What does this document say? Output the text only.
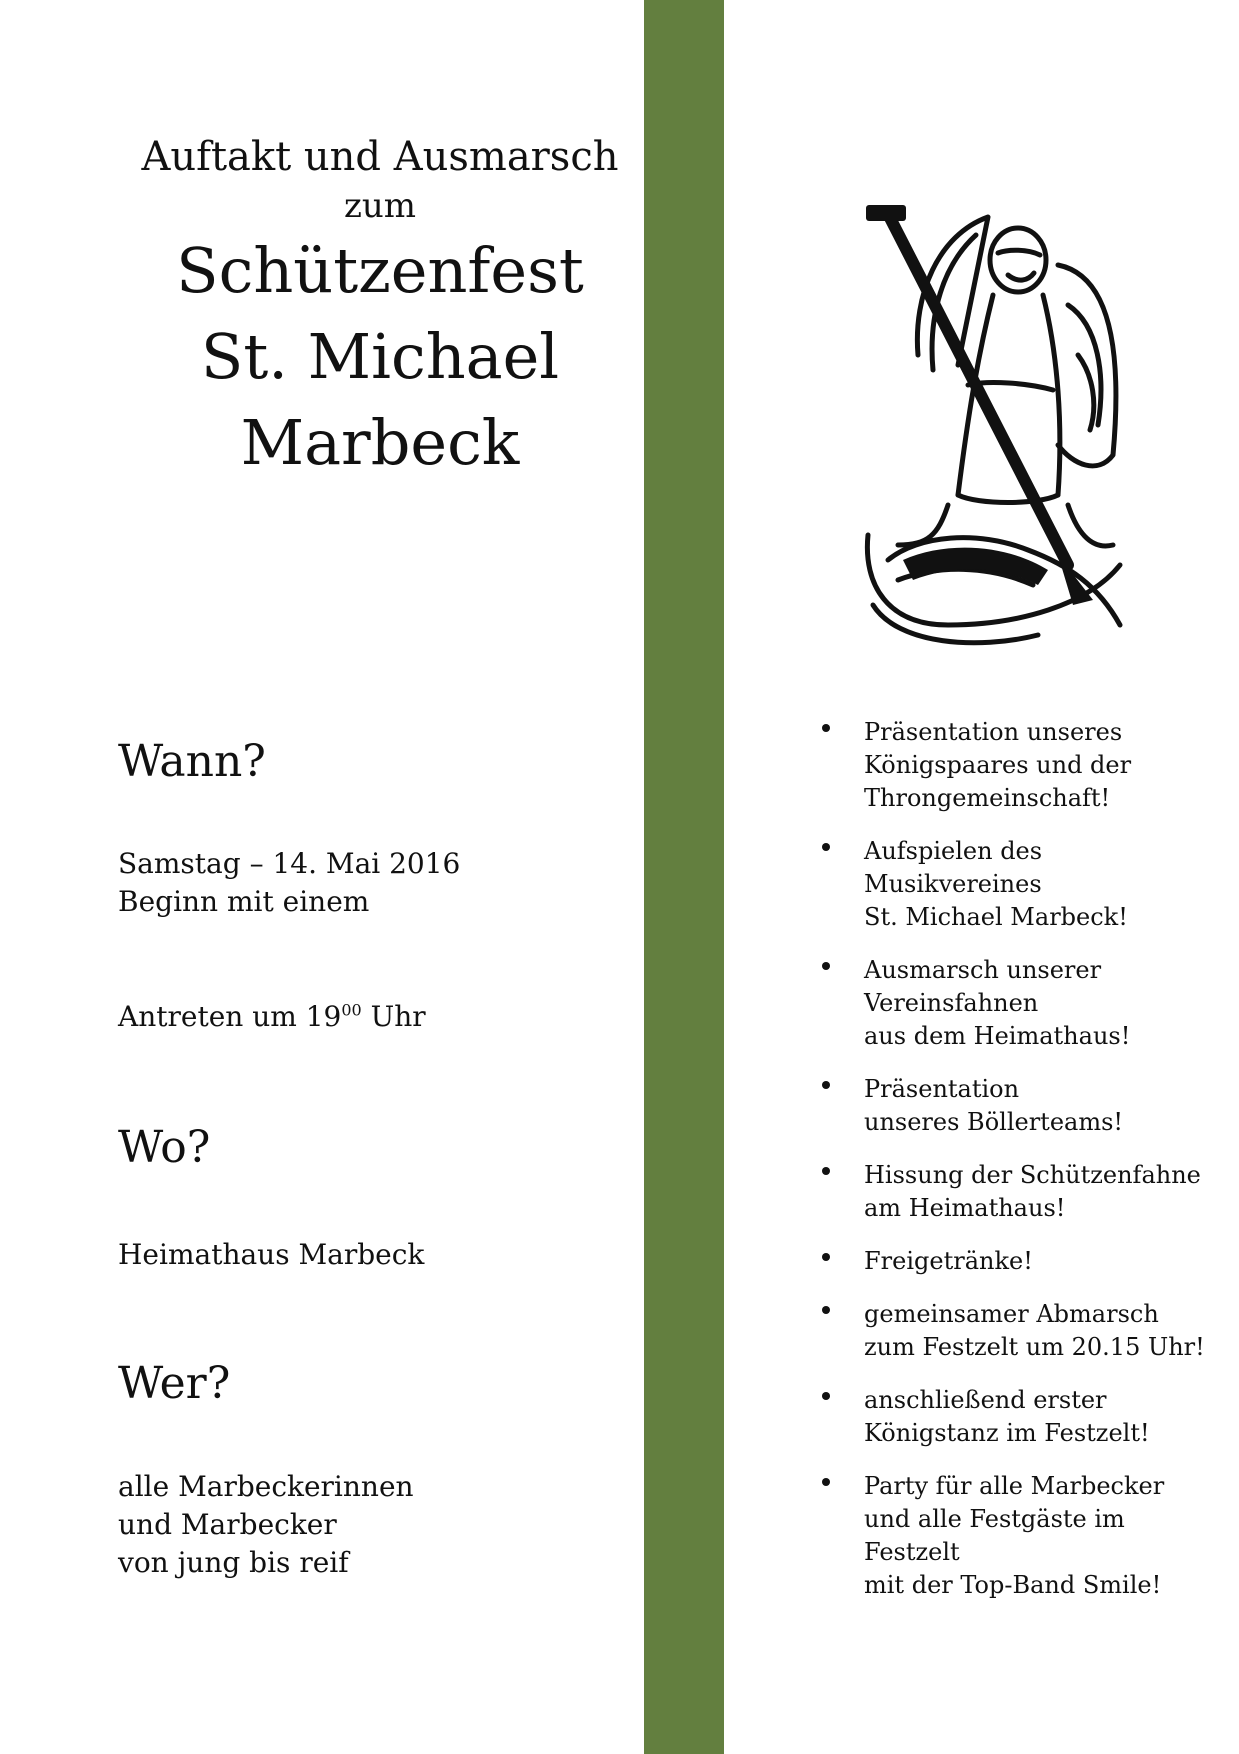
Auftakt und Ausmarsch
zum
Schützenfest
St. Michael
Marbeck
Wann?
Samstag – 14. Mai 2016
Beginn mit einem
Antreten um $19^{00}$ Uhr
Wo?
Heimathaus Marbeck
Wer?
alle Marbeckerinnen
und Marbecker
von jung bis reif
Präsentation unseres
Königspaares und der
Throngemeinschaft!
Aufspielen des
Musikvereines
St. Michael Marbeck!
Ausmarsch unserer
Vereinsfahnen
aus dem Heimathaus!
Präsentation
unseres Böllerteams!
Hissung der Schützenfahne
am Heimathaus!
Freigetränke!
gemeinsamer Abmarsch
zum Festzelt um 20.15 Uhr!
anschließend erster
Königstanz im Festzelt!
Party für alle Marbecker
und alle Festgäste im Festzelt
mit der Top-Band Smile!
